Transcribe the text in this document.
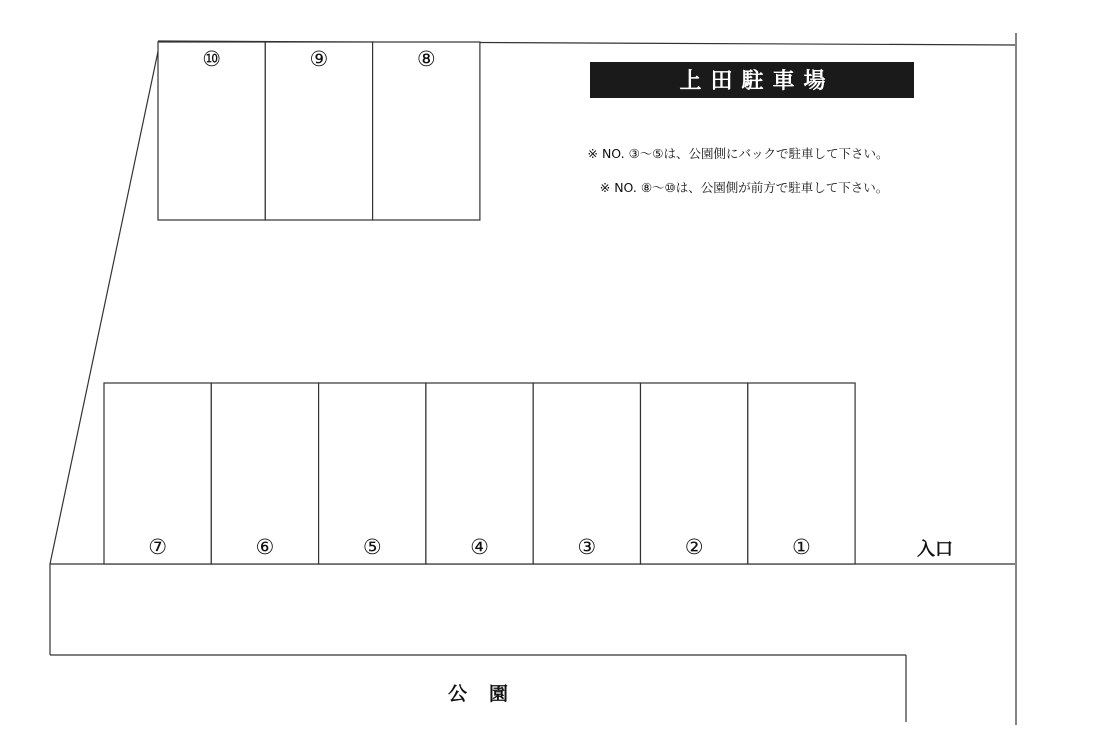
⑩	⑨	⑧
⑦	⑥	⑤	④	③	②	①
上田駐車場
※ NO. ③〜⑤は、公園側にバックで駐車して下さい。
※ NO. ⑧〜⑩は、公園側が前方で駐車して下さい。
入口
公園
